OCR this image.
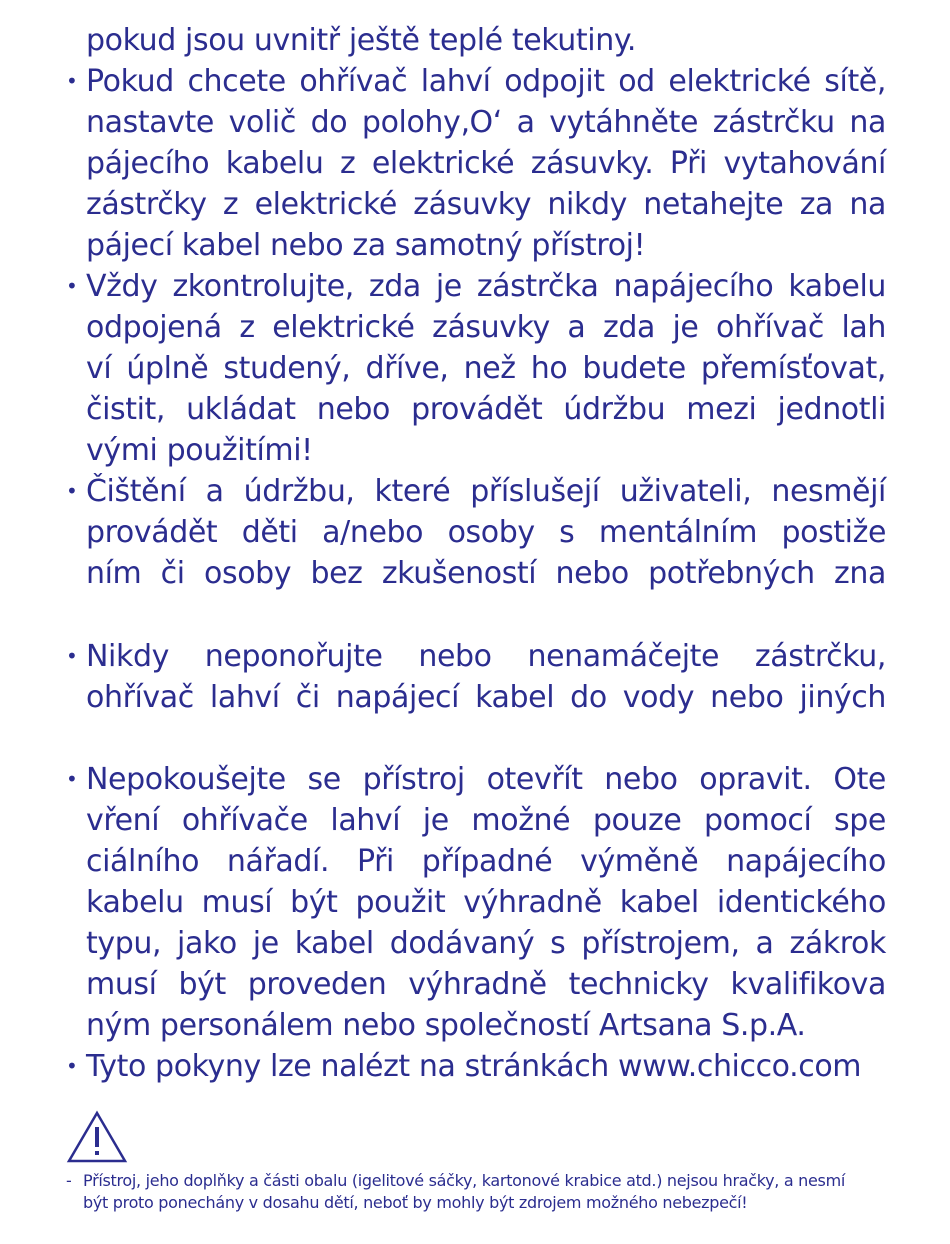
pokud jsou uvnitř ještě teplé tekutiny.
• Pokud chcete ohřívač lahví odpojit od elektrické sítě,
nastavte volič do polohy‚O‘ a vytáhněte zástrčku na
pájecího kabelu z elektrické zásuvky. Při vytahování
zástrčky z elektrické zásuvky nikdy netahejte za na
pájecí kabel nebo za samotný přístroj!
• Vždy zkontrolujte, zda je zástrčka napájecího kabelu
odpojená z elektrické zásuvky a zda je ohřívač lah
ví úplně studený, dříve, než ho budete přemísťovat,
čistit, ukládat nebo provádět údržbu mezi jednotli
vými použitími!
• Čištění a údržbu, které příslušejí uživateli, nesmějí
provádět děti a/nebo osoby s mentálním postiže
ním či osoby bez zkušeností nebo potřebných zna
• Nikdy neponořujte nebo nenamáčejte zástrčku,
ohřívač lahví či napájecí kabel do vody nebo jiných
• Nepokoušejte se přístroj otevřít nebo opravit. Ote
vření ohřívače lahví je možné pouze pomocí spe
ciálního nářadí. Při případné výměně napájecího
kabelu musí být použit výhradně kabel identického
typu, jako je kabel dodávaný s přístrojem, a zákrok
musí být proveden výhradně technicky kvalifikova
ným personálem nebo společností Artsana S.p.A.
• Tyto pokyny lze nalézt na stránkách www.chicco.com
- Přístroj, jeho doplňky a části obalu (igelitové sáčky, kartonové krabice atd.) nejsou hračky, a nesmí
být proto ponechány v dosahu dětí, neboť by mohly být zdrojem možného nebezpečí!
